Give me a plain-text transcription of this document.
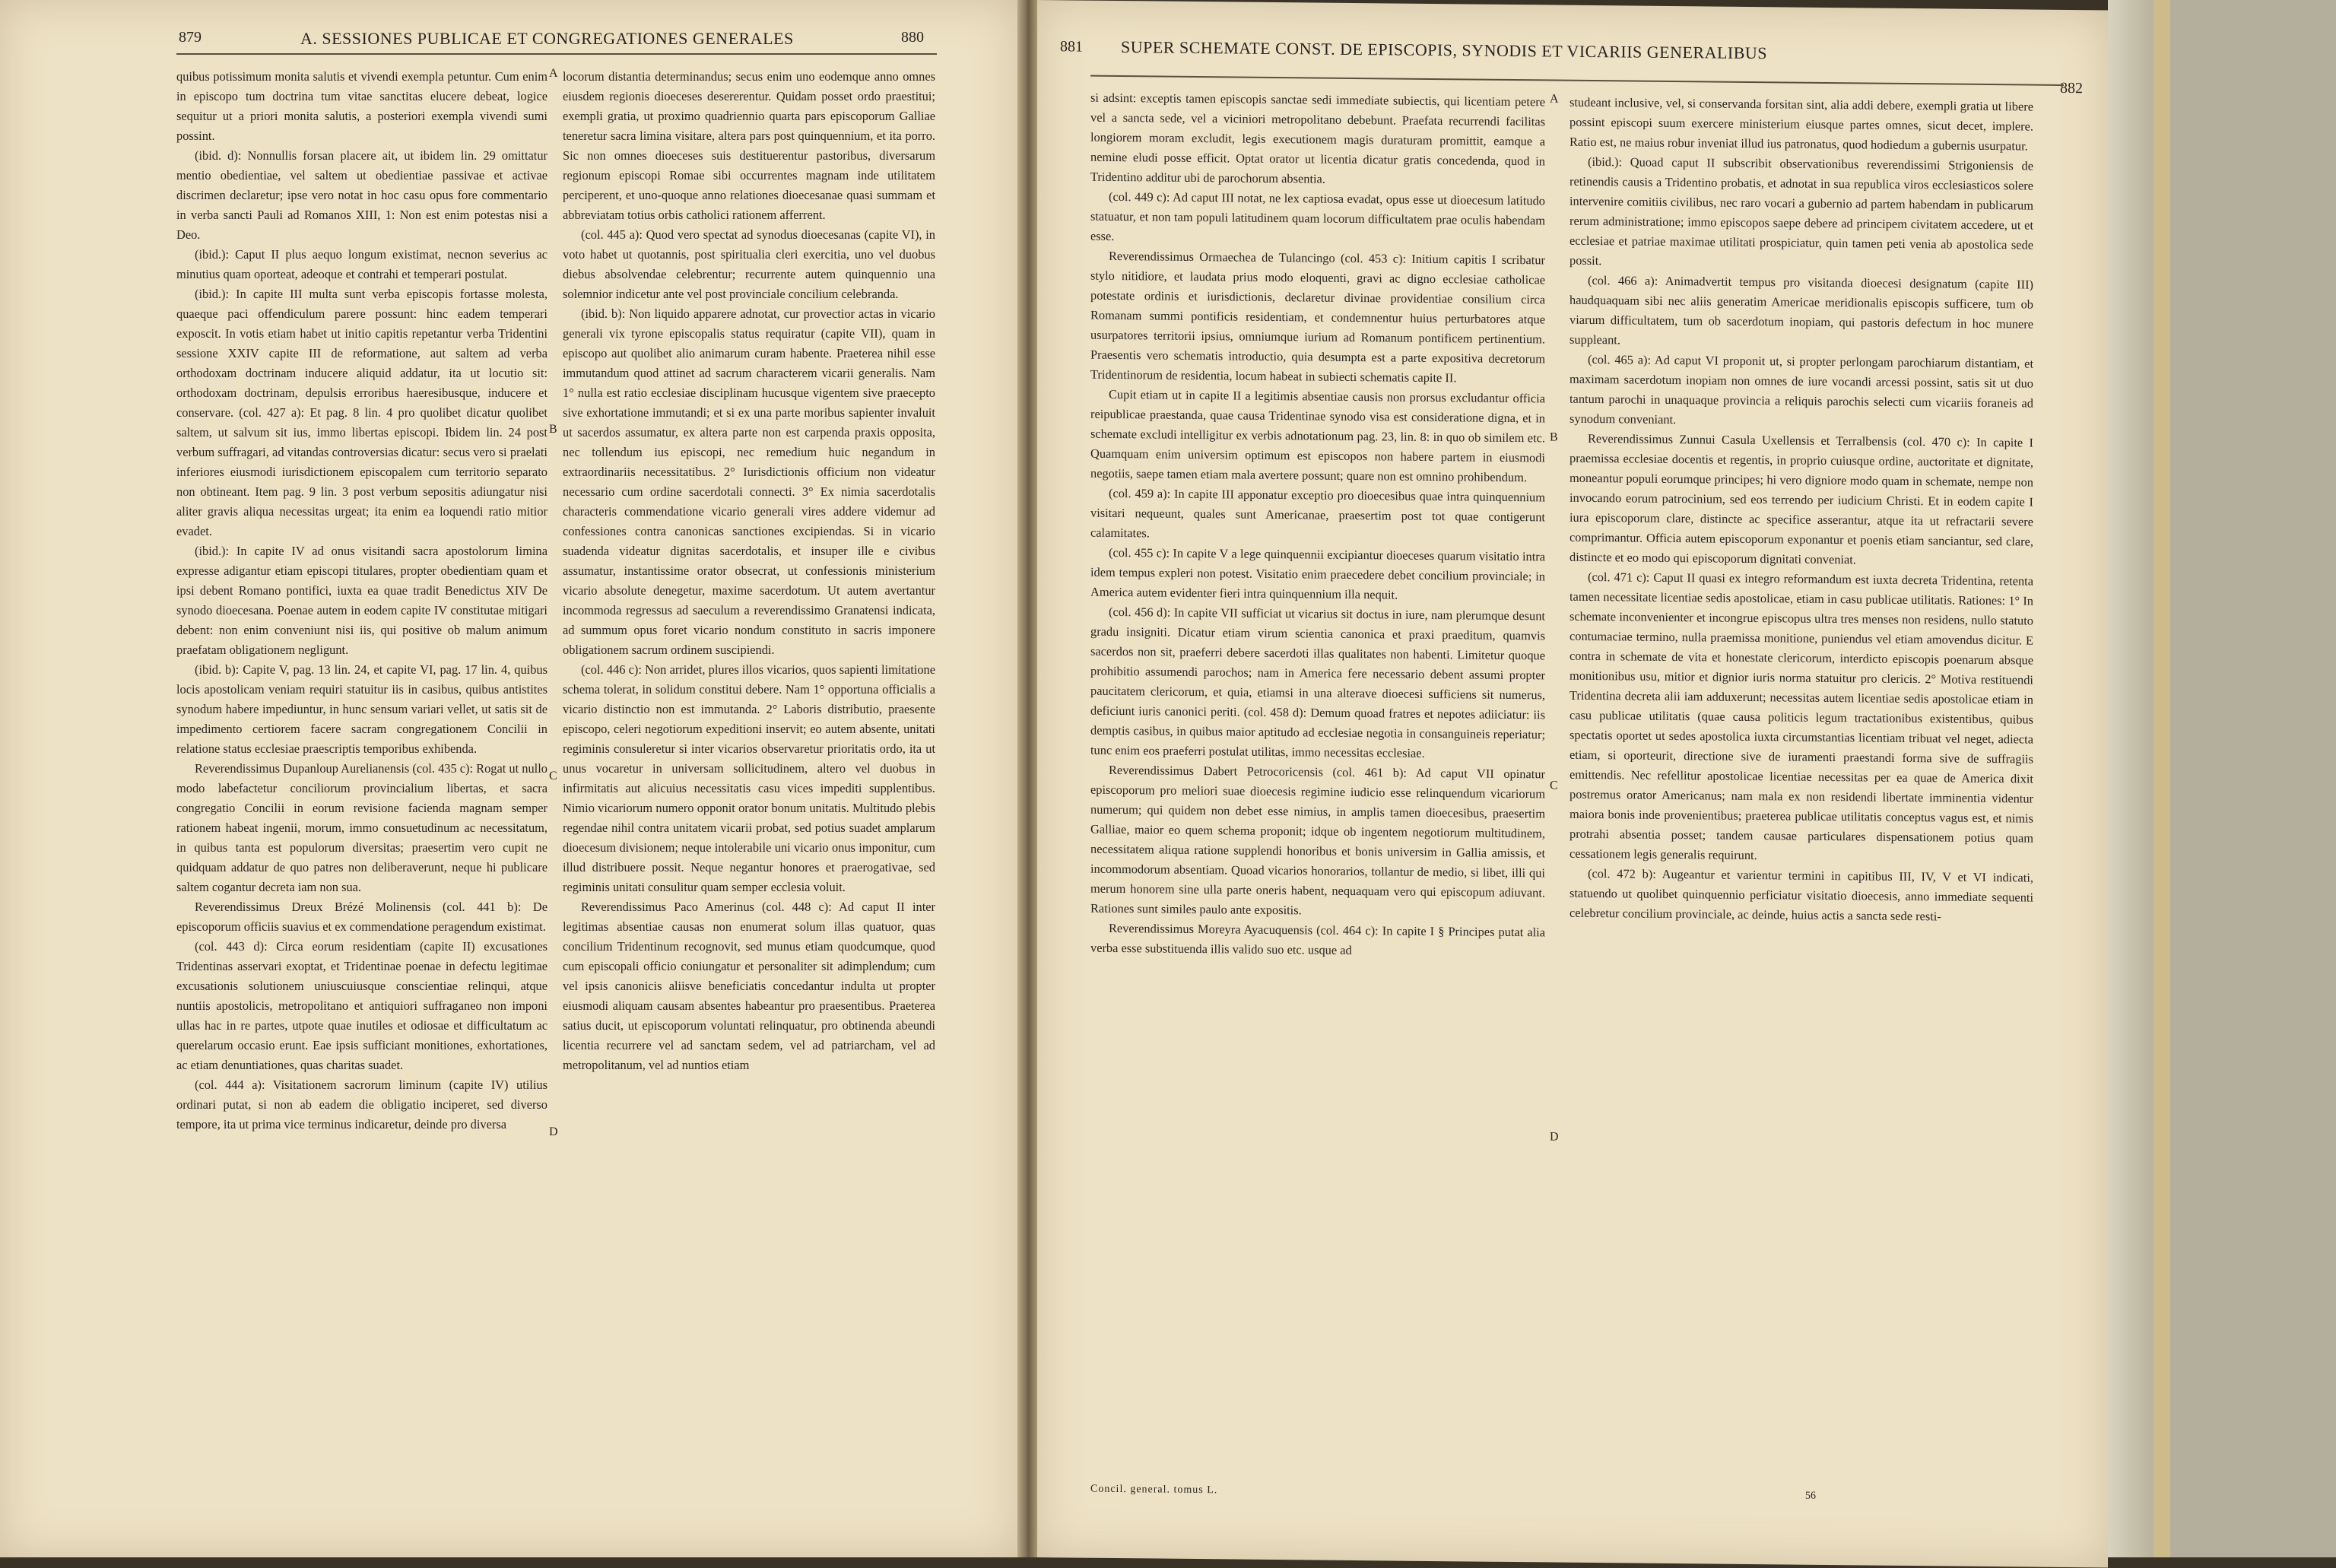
879	A. SESSIONES PUBLICAE ET CONGREGATIONES GENERALES	880
A
B
C
D

quibus potissimum monita salutis et vivendi exempla petuntur. Cum enim in episcopo tum doctrina tum vitae sanctitas elucere debeat, logice sequitur ut a priori monita salutis, a posteriori exempla vivendi sumi possint.

(ibid. d): Nonnullis forsan placere ait, ut ibidem lin. 29 omittatur mentio obedientiae, vel saltem ut obedientiae passivae et activae discrimen declaretur; ipse vero notat in hoc casu opus fore commentario in verba sancti Pauli ad Romanos XIII, 1: Non est enim potestas nisi a Deo.

(ibid.): Caput II plus aequo longum existimat, necnon severius ac minutius quam oporteat, adeoque et contrahi et temperari postulat.

(ibid.): In capite III multa sunt verba episcopis fortasse molesta, quaeque paci offendiculum parere possunt: hinc eadem temperari exposcit. In votis etiam habet ut initio capitis repetantur verba Tridentini sessione XXIV capite III de reformatione, aut saltem ad verba orthodoxam doctrinam inducere aliquid addatur, ita ut locutio sit: orthodoxam doctrinam, depulsis erroribus haeresibusque, inducere et conservare. (col. 427 a): Et pag. 8 lin. 4 pro quolibet dicatur quolibet saltem, ut salvum sit ius, immo libertas episcopi. Ibidem lin. 24 post verbum suffragari, ad vitandas controversias dicatur: secus vero si praelati inferiores eiusmodi iurisdictionem episcopalem cum territorio separato non obtineant. Item pag. 9 lin. 3 post verbum sepositis adiungatur nisi aliter gravis aliqua necessitas urgeat; ita enim ea loquendi ratio mitior evadet.

(ibid.): In capite IV ad onus visitandi sacra apostolorum limina expresse adigantur etiam episcopi titulares, propter obedientiam quam et ipsi debent Romano pontifici, iuxta ea quae tradit Benedictus XIV De synodo dioecesana. Poenae autem in eodem capite IV constitutae mitigari debent: non enim conveniunt nisi iis, qui positive ob malum animum praefatam obligationem negligunt.

(ibid. b): Capite V, pag. 13 lin. 24, et capite VI, pag. 17 lin. 4, quibus locis apostolicam veniam requiri statuitur iis in casibus, quibus antistites synodum habere impediuntur, in hunc sensum variari vellet, ut satis sit de impedimento certiorem facere sacram congregationem Concilii in relatione status ecclesiae praescriptis temporibus exhibenda.

Reverendissimus Dupanloup Aurelianensis (col. 435 c): Rogat ut nullo modo labefactetur conciliorum provincialium libertas, et sacra congregatio Concilii in eorum revisione facienda magnam semper rationem habeat ingenii, morum, immo consuetudinum ac necessitatum, in quibus tanta est populorum diversitas; praesertim vero cupit ne quidquam addatur de quo patres non deliberaverunt, neque hi publicare saltem cogantur decreta iam non sua.

Reverendissimus Dreux Brézé Molinensis (col. 441 b): De episcoporum officiis suavius et ex commendatione peragendum existimat.

(col. 443 d): Circa eorum residentiam (capite II) excusationes Tridentinas asservari exoptat, et Tridentinae poenae in defectu legitimae excusationis solutionem uniuscuiusque conscientiae relinqui, atque nuntiis apostolicis, metropolitano et antiquiori suffraganeo non imponi ullas hac in re partes, utpote quae inutiles et odiosae et difficultatum ac querelarum occasio erunt. Eae ipsis sufficiant monitiones, exhortationes, ac etiam denuntiationes, quas charitas suadet.

(col. 444 a): Visitationem sacrorum liminum (capite IV) utilius ordinari putat, si non ab eadem die obligatio inciperet, sed diverso tempore, ita ut prima vice terminus indicaretur, deinde pro diversa

locorum distantia determinandus; secus enim uno eodemque anno omnes eiusdem regionis dioeceses desererentur. Quidam posset ordo praestitui; exempli gratia, ut proximo quadriennio quarta pars episcoporum Galliae teneretur sacra limina visitare, altera pars post quinquennium, et ita porro. Sic non omnes dioeceses suis destituerentur pastoribus, diversarum regionum episcopi Romae sibi occurrentes magnam inde utilitatem perciperent, et uno-quoque anno relationes dioecesanae quasi summam et abbreviatam totius orbis catholici rationem afferrent.

(col. 445 a): Quod vero spectat ad synodus dioecesanas (capite VI), in voto habet ut quotannis, post spiritualia cleri exercitia, uno vel duobus diebus absolvendae celebrentur; recurrente autem quinquennio una solemnior indicetur ante vel post provinciale concilium celebranda.

(ibid. b): Non liquido apparere adnotat, cur provectior actas in vicario generali vix tyrone episcopalis status requiratur (capite VII), quam in episcopo aut quolibet alio animarum curam habente. Praeterea nihil esse immutandum quod attinet ad sacrum characterem vicarii generalis. Nam 1° nulla est ratio ecclesiae disciplinam hucusque vigentem sive praecepto sive exhortatione immutandi; et si ex una parte moribus sapienter invaluit ut sacerdos assumatur, ex altera parte non est carpenda praxis opposita, nec tollendum ius episcopi, nec remedium huic negandum in extraordinariis necessitatibus. 2° Iurisdictionis officium non videatur necessario cum ordine sacerdotali connecti. 3° Ex nimia sacerdotalis characteris commendatione vicario generali vires addere videmur ad confessiones contra canonicas sanctiones excipiendas. Si in vicario suadenda videatur dignitas sacerdotalis, et insuper ille e civibus assumatur, instantissime orator obsecrat, ut confessionis ministerium vicario absolute denegetur, maxime sacerdotum. Ut autem avertantur incommoda regressus ad saeculum a reverendissimo Granatensi indicata, ad summum opus foret vicario nondum constituto in sacris imponere obligationem sacrum ordinem suscipiendi.

(col. 446 c): Non arridet, plures illos vicarios, quos sapienti limitatione schema tolerat, in solidum constitui debere. Nam 1° opportuna officialis a vicario distinctio non est immutanda. 2° Laboris distributio, praesente episcopo, celeri negotiorum expeditioni inservit; eo autem absente, unitati regiminis consuleretur si inter vicarios observaretur prioritatis ordo, ita ut unus vocaretur in universam sollicitudinem, altero vel duobus in infirmitatis aut alicuius necessitatis casu vices impediti supplentibus. Nimio vicariorum numero opponit orator bonum unitatis. Multitudo plebis regendae nihil contra unitatem vicarii probat, sed potius suadet amplarum dioecesum divisionem; neque intolerabile uni vicario onus imponitur, cum illud distribuere possit. Neque negantur honores et praerogativae, sed regiminis unitati consulitur quam semper ecclesia voluit.

Reverendissimus Paco Amerinus (col. 448 c): Ad caput II inter legitimas absentiae causas non enumerat solum illas quatuor, quas concilium Tridentinum recognovit, sed munus etiam quodcumque, quod cum episcopali officio coniungatur et personaliter sit adimplendum; cum vel ipsis canonicis aliisve beneficiatis concedantur indulta ut propter eiusmodi aliquam causam absentes habeantur pro praesentibus. Praeterea satius ducit, ut episcoporum voluntati relinquatur, pro obtinenda abeundi licentia recurrere vel ad sanctam sedem, vel ad patriarcham, vel ad metropolitanum, vel ad nuntios etiam

881 SUPER SCHEMATE CONST. DE EPISCOPIS, SYNODIS ET VICARIIS GENERALIBUS
882
A
B
C
D

si adsint: exceptis tamen episcopis sanctae sedi immediate subiectis, qui licentiam petere vel a sancta sede, vel a viciniori metropolitano debebunt. Praefata recurrendi facilitas longiorem moram excludit, legis executionem magis duraturam promittit, eamque a nemine eludi posse efficit. Optat orator ut licentia dicatur gratis concedenda, quod in Tridentino additur ubi de parochorum absentia.

(col. 449 c): Ad caput III notat, ne lex captiosa evadat, opus esse ut dioecesum latitudo statuatur, et non tam populi latitudinem quam locorum difficultatem prae oculis habendam esse.

Reverendissimus Ormaechea de Tulancingo (col. 453 c): Initium capitis I scribatur stylo nitidiore, et laudata prius modo eloquenti, gravi ac digno ecclesiae catholicae potestate ordinis et iurisdictionis, declaretur divinae providentiae consilium circa Romanam summi pontificis residentiam, et condemnentur huius perturbatores atque usurpatores territorii ipsius, omniumque iurium ad Romanum pontificem pertinentium. Praesentis vero schematis introductio, quia desumpta est a parte expositiva decretorum Tridentinorum de residentia, locum habeat in subiecti schematis capite II.

Cupit etiam ut in capite II a legitimis absentiae causis non prorsus excludantur officia reipublicae praestanda, quae causa Tridentinae synodo visa est consideratione digna, et in schemate excludi intelligitur ex verbis adnotationum pag. 23, lin. 8: in quo ob similem etc. Quamquam enim universim optimum est episcopos non habere partem in eiusmodi negotiis, saepe tamen etiam mala avertere possunt; quare non est omnino prohibendum.

(col. 459 a): In capite III apponatur exceptio pro dioecesibus quae intra quinquennium visitari nequeunt, quales sunt Americanae, praesertim post tot quae contigerunt calamitates.

(col. 455 c): In capite V a lege quinquennii excipiantur dioeceses quarum visitatio intra idem tempus expleri non potest. Visitatio enim praecedere debet concilium provinciale; in America autem evidenter fieri intra quinquennium illa nequit.

(col. 456 d): In capite VII sufficiat ut vicarius sit doctus in iure, nam plerumque desunt gradu insigniti. Dicatur etiam virum scientia canonica et praxi praeditum, quamvis sacerdos non sit, praeferri debere sacerdoti illas qualitates non habenti. Limitetur quoque prohibitio assumendi parochos; nam in America fere necessario debent assumi propter paucitatem clericorum, et quia, etiamsi in una alterave dioecesi sufficiens sit numerus, deficiunt iuris canonici periti. (col. 458 d): Demum quoad fratres et nepotes adiiciatur: iis demptis casibus, in quibus maior aptitudo ad ecclesiae negotia in consanguineis reperiatur; tunc enim eos praeferri postulat utilitas, immo necessitas ecclesiae.

Reverendissimus Dabert Petrocoricensis (col. 461 b): Ad caput VII opinatur episcoporum pro meliori suae dioecesis regimine iudicio esse relinquendum vicariorum numerum; qui quidem non debet esse nimius, in amplis tamen dioecesibus, praesertim Galliae, maior eo quem schema proponit; idque ob ingentem negotiorum multitudinem, necessitatem aliqua ratione supplendi honoribus et bonis universim in Gallia amissis, et incommodorum absentiam. Quoad vicarios honorarios, tollantur de medio, si libet, illi qui merum honorem sine ulla parte oneris habent, nequaquam vero qui episcopum adiuvant. Rationes sunt similes paulo ante expositis.

Reverendissimus Moreyra Ayacuquensis (col. 464 c): In capite I § Principes putat alia verba esse substituenda illis valido suo etc. usque ad

studeant inclusive, vel, si conservanda forsitan sint, alia addi debere, exempli gratia ut libere possint episcopi suum exercere ministerium eiusque partes omnes, sicut decet, implere. Ratio est, ne maius robur inveniat illud ius patronatus, quod hodiedum a gubernis usurpatur.

(ibid.): Quoad caput II subscribit observationibus reverendissimi Strigoniensis de retinendis causis a Tridentino probatis, et adnotat in sua republica viros ecclesiasticos solere intervenire comitiis civilibus, nec raro vocari a gubernio ad partem habendam in publicarum rerum administratione; immo episcopos saepe debere ad principem civitatem accedere, ut et ecclesiae et patriae maximae utilitati prospiciatur, quin tamen peti venia ab apostolica sede possit.

(col. 466 a): Animadvertit tempus pro visitanda dioecesi designatum (capite III) haudquaquam sibi nec aliis generatim Americae meridionalis episcopis sufficere, tum ob viarum difficultatem, tum ob sacerdotum inopiam, qui pastoris defectum in hoc munere suppleant.

(col. 465 a): Ad caput VI proponit ut, si propter perlongam parochiarum distantiam, et maximam sacerdotum inopiam non omnes de iure vocandi arcessi possint, satis sit ut duo tantum parochi in unaquaque provincia a reliquis parochis selecti cum vicariis foraneis ad synodum conveniant.

Reverendissimus Zunnui Casula Uxellensis et Terralbensis (col. 470 c): In capite I praemissa ecclesiae docentis et regentis, in proprio cuiusque ordine, auctoritate et dignitate, moneantur populi eorumque principes; hi vero digniore modo quam in schemate, nempe non invocando eorum patrocinium, sed eos terrendo per iudicium Christi. Et in eodem capite I iura episcoporum clare, distincte ac specifice asserantur, atque ita ut refractarii severe comprimantur. Officia autem episcoporum exponantur et poenis etiam sanciantur, sed clare, distincte et eo modo qui episcoporum dignitati conveniat.

(col. 471 c): Caput II quasi ex integro reformandum est iuxta decreta Tridentina, retenta tamen necessitate licentiae sedis apostolicae, etiam in casu publicae utilitatis. Rationes: 1° In schemate inconvenienter et incongrue episcopus ultra tres menses non residens, nullo statuto contumaciae termino, nulla praemissa monitione, puniendus vel etiam amovendus dicitur. E contra in schemate de vita et honestate clericorum, interdicto episcopis poenarum absque monitionibus usu, mitior et dignior iuris norma statuitur pro clericis. 2° Motiva restituendi Tridentina decreta alii iam adduxerunt; necessitas autem licentiae sedis apostolicae etiam in casu publicae utilitatis (quae causa politicis legum tractationibus existentibus, quibus spectatis oportet ut sedes apostolica iuxta circumstantias licentiam tribuat vel neget, adiecta etiam, si oporteurit, directione sive de iuramenti praestandi forma sive de suffragiis emittendis. Nec refellitur apostolicae licentiae necessitas per ea quae de America dixit postremus orator Americanus; nam mala ex non residendi libertate imminentia videntur maiora bonis inde provenientibus; praeterea publicae utilitatis conceptus vagus est, et nimis protrahi absentia posset; tandem causae particulares dispensationem potius quam cessationem legis generalis requirunt.

(col. 472 b): Augeantur et varientur termini in capitibus III, IV, V et VI indicati, statuendo ut quolibet quinquennio perficiatur visitatio dioecesis, anno immediate sequenti celebretur concilium provinciale, ac deinde, huius actis a sancta sede resti-

Concil. general. tomus L.	56
